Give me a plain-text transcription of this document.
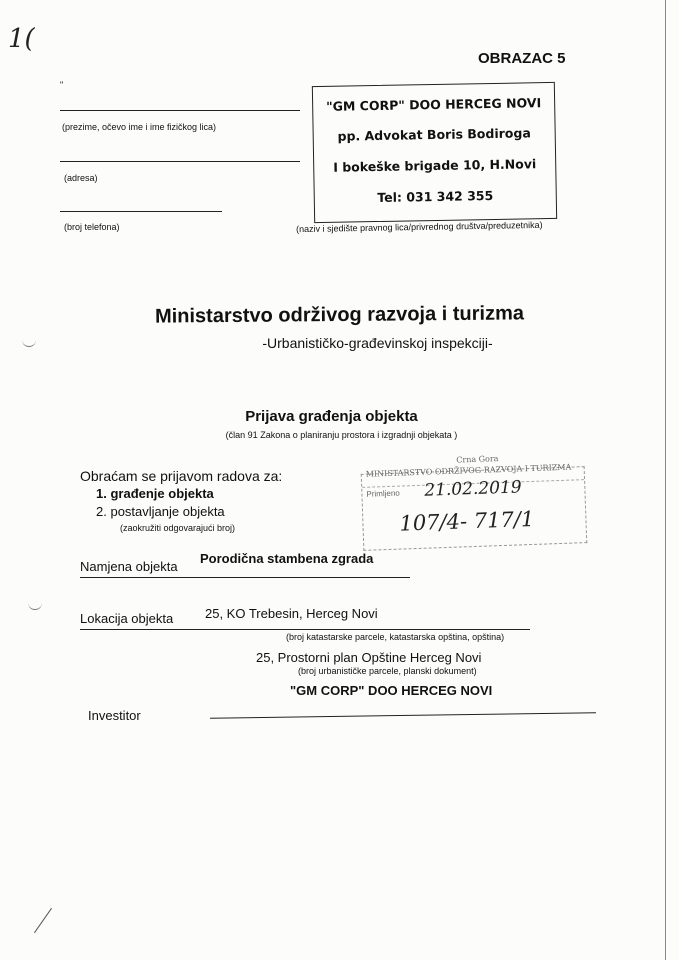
1(
OBRAZAC 5
"
(prezime, očevo ime i ime fizičkog lica)
(adresa)
(broj telefona)
"GM CORP" DOO HERCEG NOVI
pp. Advokat Boris Bodiroga
I bokeške brigade 10, H.Novi
Tel: 031 342 355
(naziv i sjedište pravnog lica/privrednog društva/preduzetnika)
Ministarstvo održivog razvoja i turizma
-Urbanističko-građevinskoj inspekciji-
Prijava građenja objekta
(član 91 Zakona o planiranju prostora i izgradnji objekata )
Crna Gora
MINISTARSTVO ODRŽIVOG RAZVOJA I TURIZMA
Primljeno 21.02.2019
107/4- 717/1
Obraćam se prijavom radova za:
1. građenje objekta
2. postavljanje objekta
(zaokružiti odgovarajući broj)
Namjena objekta
Porodična stambena zgrada
Lokacija objekta 25, KO Trebesin, Herceg Novi
(broj katastarske parcele, katastarska opština, opština)
25, Prostorni plan Opštine Herceg Novi
(broj urbanističke parcele, planski dokument)
"GM CORP" DOO HERCEG NOVI
Investitor
